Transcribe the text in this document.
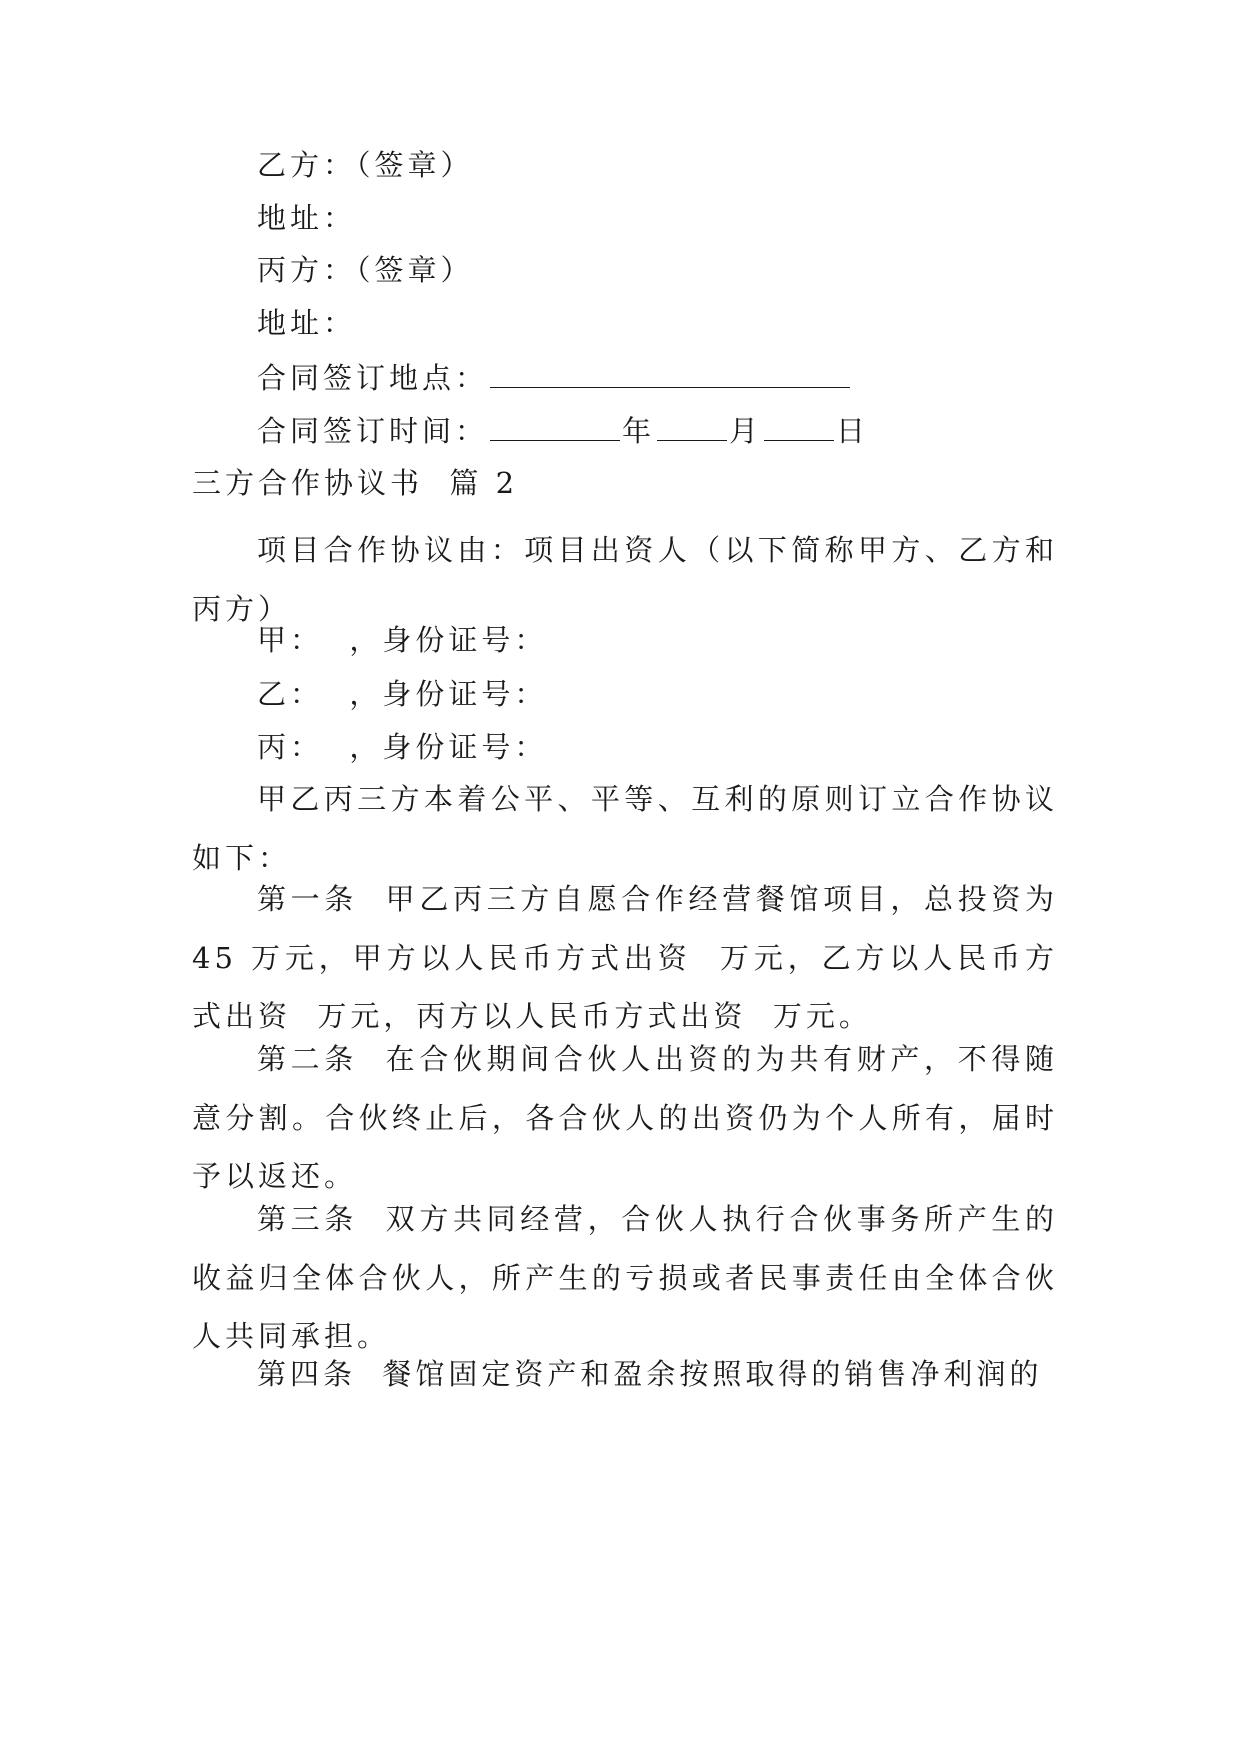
乙方：（签章）
地址：
丙方：（签章）
地址：
合同签订地点：
合同签订时间：	年	月	日
三方合作协议书  篇 2
项目合作协议由：项目出资人（以下简称甲方、乙方和丙方）
甲：  ，身份证号：
乙：  ，身份证号：
丙：  ，身份证号：
甲乙丙三方本着公平、平等、互利的原则订立合作协议如下：
第一条  甲乙丙三方自愿合作经营餐馆项目，总投资为 45 万元，甲方以人民币方式出资  万元，乙方以人民币方式出资  万元，丙方以人民币方式出资  万元。
第二条  在合伙期间合伙人出资的为共有财产，不得随意分割。合伙终止后，各合伙人的出资仍为个人所有，届时予以返还。
第三条  双方共同经营，合伙人执行合伙事务所产生的收益归全体合伙人，所产生的亏损或者民事责任由全体合伙人共同承担。
第四条  餐馆固定资产和盈余按照取得的销售净利润的
